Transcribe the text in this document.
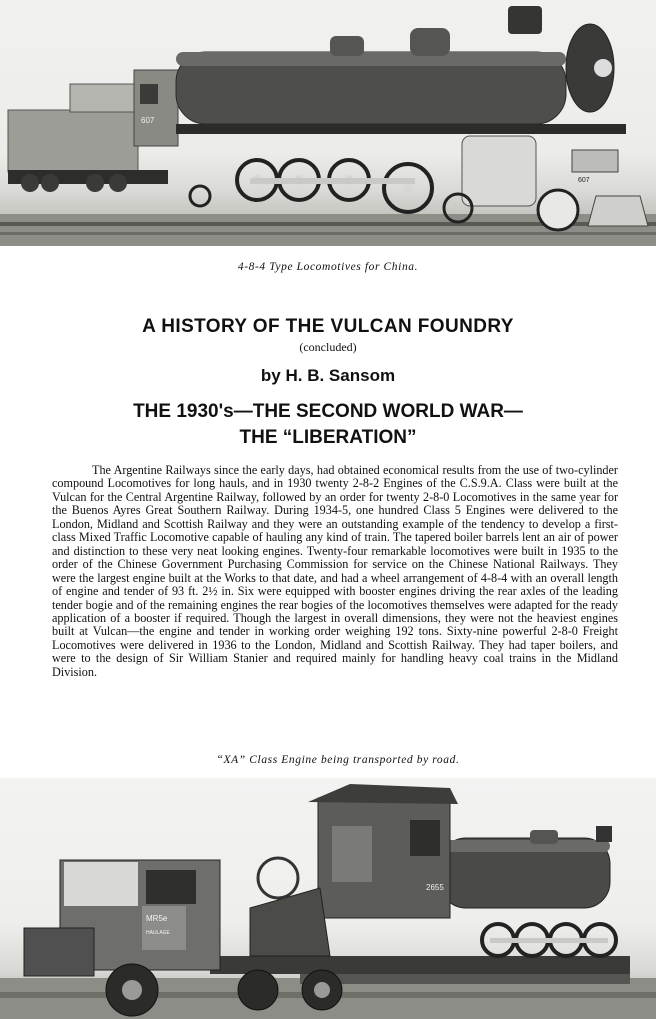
607
607
4-8-4 Type Locomotives for China.
A HISTORY OF THE VULCAN FOUNDRY
(concluded)
by H. B. Sansom
THE 1930's—THE SECOND WORLD WAR—
THE “LIBERATION”

The Argentine Railways since the early days, had obtained economical results from the use of two-cylinder compound Locomotives for long hauls, and in 1930 twenty 2-8-2 Engines of the C.S.9.A. Class were built at the Vulcan for the Central Argentine Railway, followed by an order for twenty 2-8-0 Locomotives in the same year for the Buenos Ayres Great Southern Railway. During 1934-5, one hundred Class 5 Engines were delivered to the London, Midland and Scottish Railway and they were an outstanding example of the tendency to develop a first-class Mixed Traffic Locomotive capable of hauling any kind of train. The tapered boiler barrels lent an air of power and distinction to these very neat looking engines. Twenty-four remarkable locomotives were built in 1935 to the order of the Chinese Government Purchasing Commission for service on the Chinese National Railways. They were the largest engine built at the Works to that date, and had a wheel arrangement of 4-8-4 with an overall length of engine and tender of 93 ft. 2½ in. Six were equipped with booster engines driving the rear axles of the leading tender bogie and of the remaining engines the rear bogies of the locomotives themselves were adapted for the ready application of a booster if required. Though the largest in overall dimensions, they were not the heaviest engines built at Vulcan—the engine and tender in working order weighing 192 tons. Sixty-nine powerful 2-8-0 Freight Locomotives were delivered in 1936 to the London, Midland and Scottish Railway. They had taper boilers, and were to the design of Sir William Stanier and required mainly for handling heavy coal trains in the Midland Division.

“XA” Class Engine being transported by road.
2655
MR5e
HAULAGE
